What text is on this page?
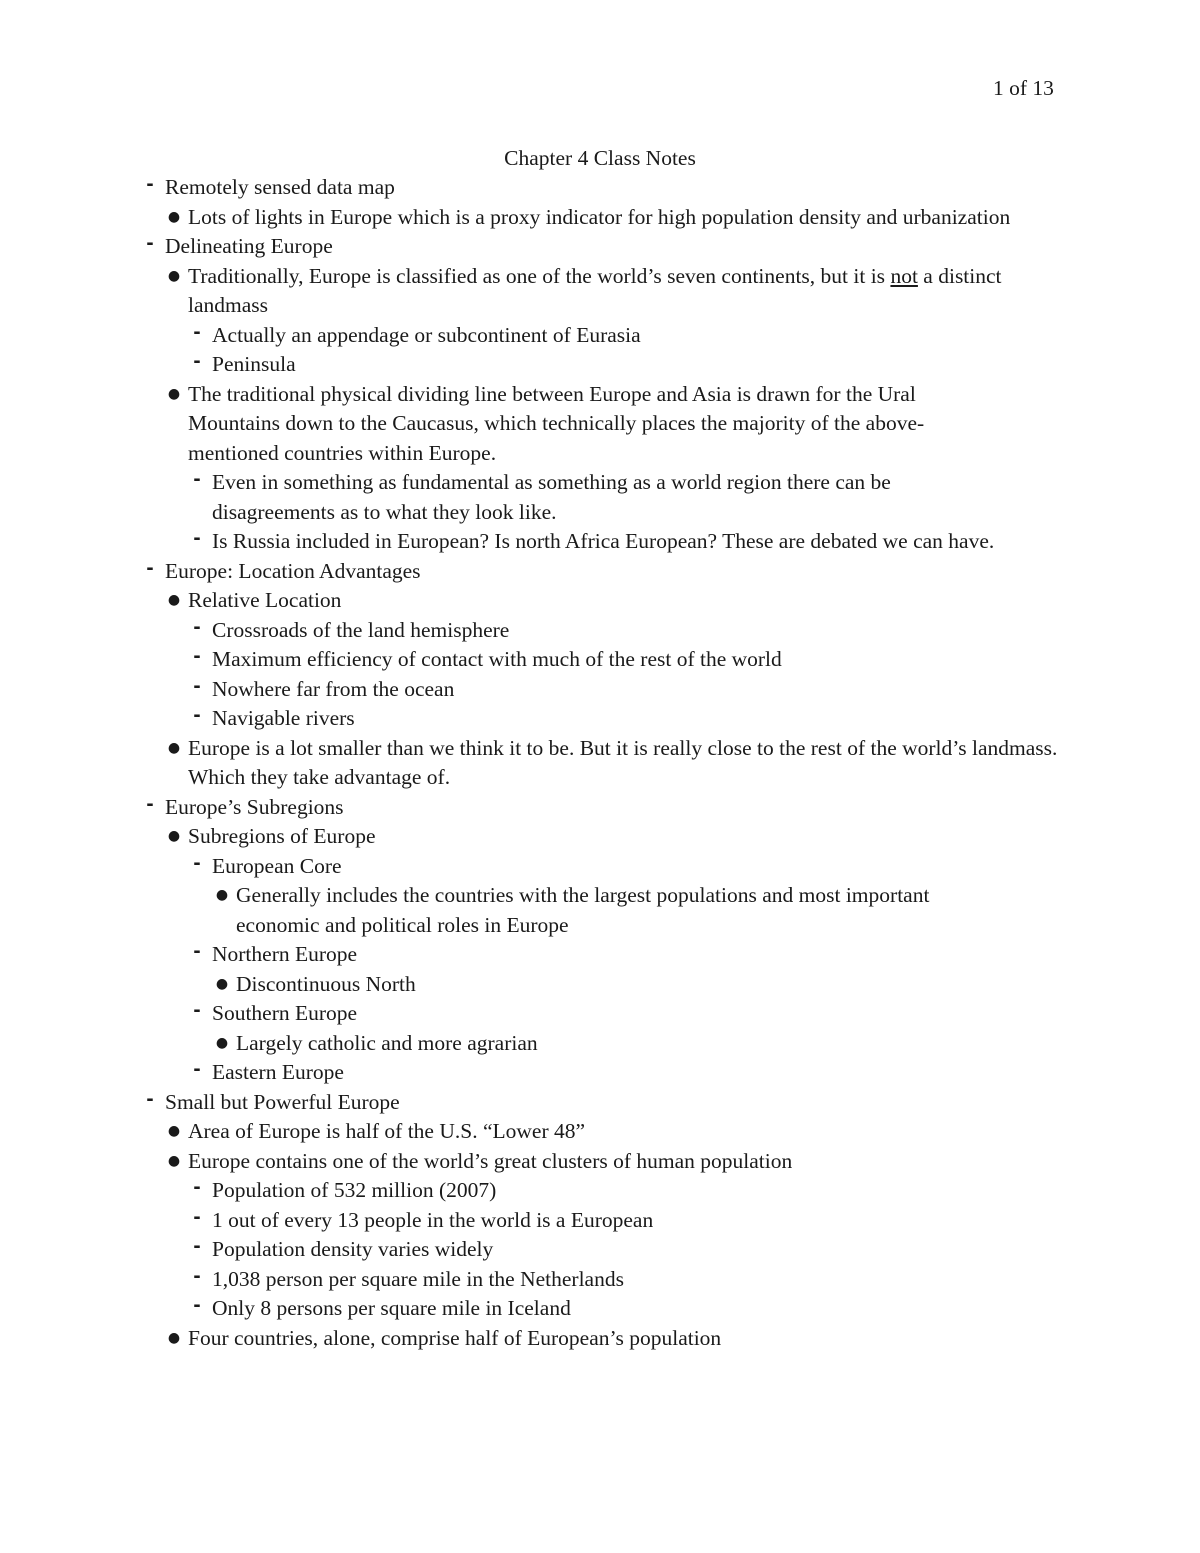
1 of 13
Chapter 4 Class Notes
- Remotely sensed data map
● Lots of lights in Europe which is a proxy indicator for high population density and urbanization
- Delineating Europe
● Traditionally, Europe is classified as one of the world’s seven continents, but it is not a distinct landmass
- Actually an appendage or subcontinent of Eurasia
- Peninsula
● The traditional physical dividing line between Europe and Asia is drawn for the Ural Mountains down to the Caucasus, which technically places the majority of the above-mentioned countries within Europe.
- Even in something as fundamental as something as a world region there can be disagreements as to what they look like.
- Is Russia included in European? Is north Africa European? These are debated we can have.
- Europe: Location Advantages
● Relative Location
- Crossroads of the land hemisphere
- Maximum efficiency of contact with much of the rest of the world
- Nowhere far from the ocean
- Navigable rivers
● Europe is a lot smaller than we think it to be. But it is really close to the rest of the world’s landmass. Which they take advantage of.
- Europe’s Subregions
● Subregions of Europe
- European Core
● Generally includes the countries with the largest populations and most important economic and political roles in Europe
- Northern Europe
● Discontinuous North
- Southern Europe
● Largely catholic and more agrarian
- Eastern Europe
- Small but Powerful Europe
● Area of Europe is half of the U.S. “Lower 48”
● Europe contains one of the world’s great clusters of human population
- Population of 532 million (2007)
- 1 out of every 13 people in the world is a European
- Population density varies widely
- 1,038 person per square mile in the Netherlands
- Only 8 persons per square mile in Iceland
● Four countries, alone, comprise half of European’s population
